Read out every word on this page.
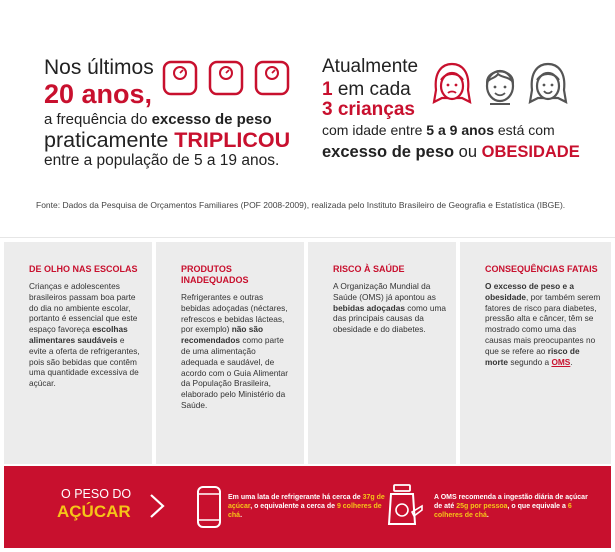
Nos últimos
20 anos,
a frequência do excesso de peso
praticamente TRIPLICOU
entre a população de 5 a 19 anos.
Atualmente
1 em cada
3 crianças
com idade entre 5 a 9 anos está com
excesso de peso ou OBESIDADE
Fonte: Dados da Pesquisa de Orçamentos Familiares (POF 2008-2009), realizada pelo Instituto Brasileiro de Geografia e Estatística (IBGE).
DE OLHO NAS ESCOLAS
Crianças e adolescentes brasileiros passam boa parte do dia no ambiente escolar, portanto é essencial que este espaço favoreça escolhas alimentares saudáveis e evite a oferta de refrigerantes, pois são bebidas que contêm uma quantidade excessiva de açúcar.
PRODUTOS INADEQUADOS
Refrigerantes e outras bebidas adoçadas (néctares, refrescos e bebidas lácteas, por exemplo) não são recomendados como parte de uma alimentação adequada e saudável, de acordo com o Guia Alimentar da População Brasileira, elaborado pelo Ministério da Saúde.
RISCO À SAÚDE
A Organização Mundial da Saúde (OMS) já apontou as bebidas adoçadas como uma das principais causas da obesidade e do diabetes.
CONSEQUÊNCIAS FATAIS
O excesso de peso e a obesidade, por também serem fatores de risco para diabetes, pressão alta e câncer, têm se mostrado como uma das causas mais preocupantes no que se refere ao risco de morte segundo a OMS.
O PESO DO
AÇÚCAR
Em uma lata de refrigerante há cerca de 37g de açúcar, o equivalente a cerca de 9 colheres de chá.
A OMS recomenda a ingestão diária de açúcar de até 25g por pessoa, o que equivale a 6 colheres de chá.
